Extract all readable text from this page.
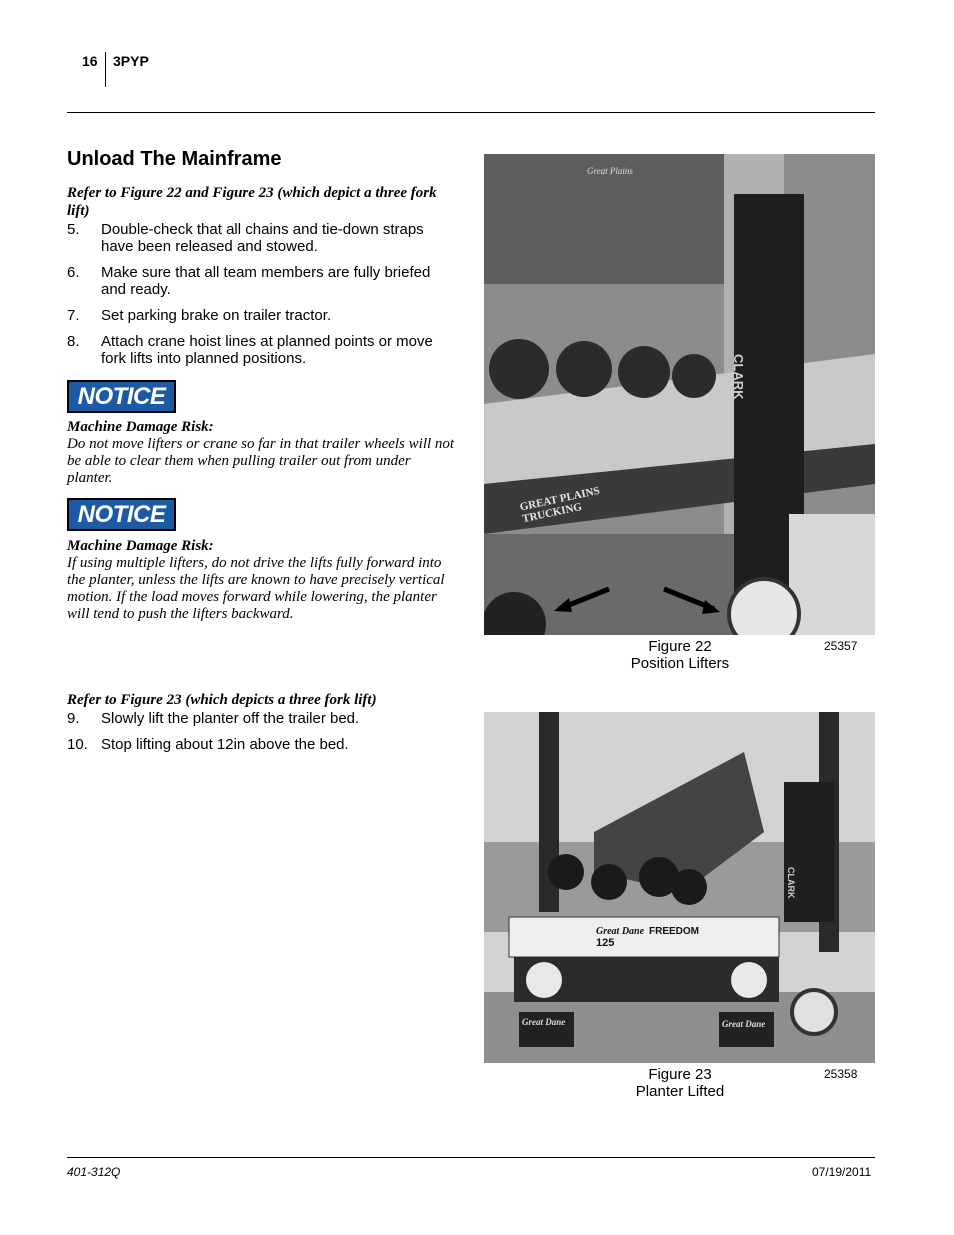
16 3PYP
Unload The Mainframe
Refer to Figure 22 and Figure 23 (which depict a three fork lift)
5. Double-check that all chains and tie-down straps have been released and stowed.
6. Make sure that all team members are fully briefed and ready.
7. Set parking brake on trailer tractor.
8. Attach crane hoist lines at planned points or move fork lifts into planned positions.
NOTICE
Machine Damage Risk:
Do not move lifters or crane so far in that trailer wheels will not be able to clear them when pulling trailer out from under planter.
NOTICE
Machine Damage Risk:
If using multiple lifters, do not drive the lifts fully forward into the planter, unless the lifts are known to have precisely vertical motion. If the load moves forward while lowering, the planter will tend to push the lifters backward.
Refer to Figure 23 (which depicts a three fork lift)
9. Slowly lift the planter off the trailer bed.
10. Stop lifting about 12in above the bed.
Great Plains
GREAT PLAINS TRUCKING
CLARK
Figure 22
Position Lifters
25357
Great Dane FREEDOM
125
CLARK
Great Dane	Great Dane
Figure 23
Planter Lifted
25358
401-312Q	07/19/2011
